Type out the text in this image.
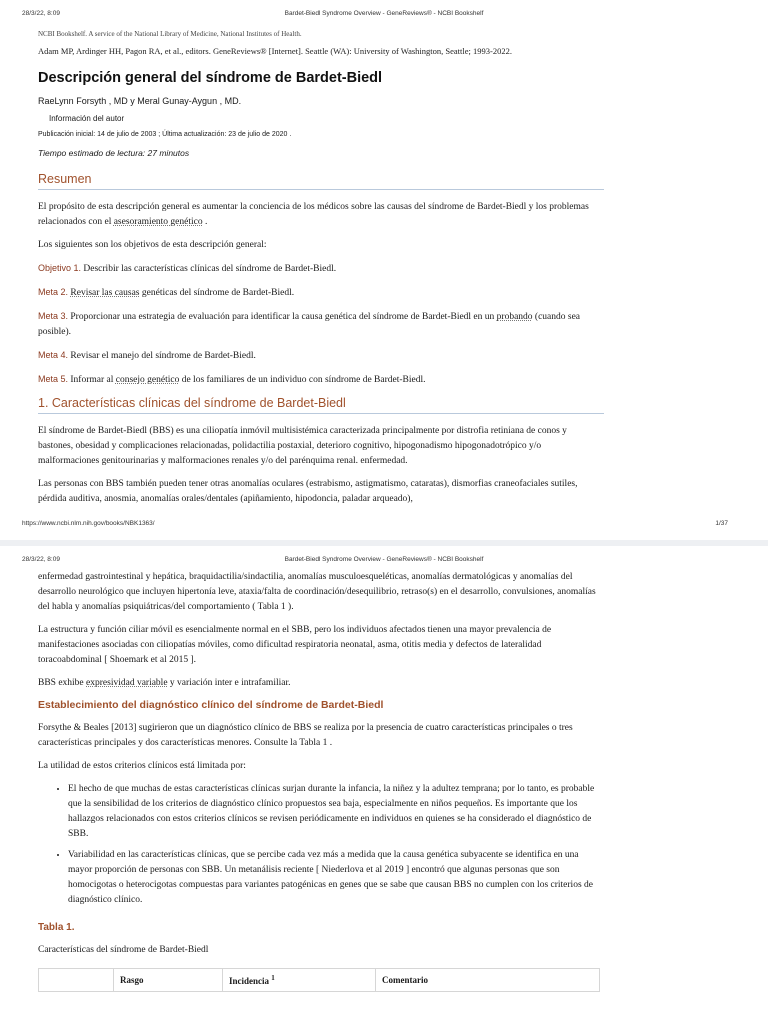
28/3/22, 8:09	Bardet-Biedl Syndrome Overview - GeneReviews® - NCBI Bookshelf

NCBI Bookshelf. A service of the National Library of Medicine, National Institutes of Health.

Adam MP, Ardinger HH, Pagon RA, et al., editors. GeneReviews® [Internet]. Seattle (WA): University of Washington, Seattle; 1993-2022.

Descripción general del síndrome de Bardet-Biedl

RaeLynn Forsyth , MD y Meral Gunay-Aygun , MD.

Información del autor

Publicación inicial: 14 de julio de 2003 ; Última actualización: 23 de julio de 2020 .

Tiempo estimado de lectura: 27 minutos

Resumen

El propósito de esta descripción general es aumentar la conciencia de los médicos sobre las causas del síndrome de Bardet-Biedl y los problemas relacionados con el asesoramiento genético .

Los siguientes son los objetivos de esta descripción general:

Objetivo 1. Describir las características clínicas del síndrome de Bardet-Biedl.

Meta 2. Revisar las causas genéticas del síndrome de Bardet-Biedl.

Meta 3. Proporcionar una estrategia de evaluación para identificar la causa genética del síndrome de Bardet-Biedl en un probando (cuando sea posible).

Meta 4. Revisar el manejo del síndrome de Bardet-Biedl.

Meta 5. Informar al consejo genético de los familiares de un individuo con síndrome de Bardet-Biedl.

1. Características clínicas del síndrome de Bardet-Biedl

El síndrome de Bardet-Biedl (BBS) es una ciliopatía inmóvil multisistémica caracterizada principalmente por distrofia retiniana de conos y bastones, obesidad y complicaciones relacionadas, polidactilia postaxial, deterioro cognitivo, hipogonadismo hipogonadotrópico y/o malformaciones genitourinarias y malformaciones renales y/o del parénquima renal. enfermedad.

Las personas con BBS también pueden tener otras anomalías oculares (estrabismo, astigmatismo, cataratas), dismorfias craneofaciales sutiles, pérdida auditiva, anosmia, anomalías orales/dentales (apiñamiento, hipodoncia, paladar arqueado),

https://www.ncbi.nlm.nih.gov/books/NBK1363/	1/37
28/3/22, 8:09	Bardet-Biedl Syndrome Overview - GeneReviews® - NCBI Bookshelf

enfermedad gastrointestinal y hepática, braquidactilia/sindactilia, anomalías musculoesqueléticas, anomalías dermatológicas y anomalías del desarrollo neurológico que incluyen hipertonía leve, ataxia/falta de coordinación/desequilibrio, retraso(s) en el desarrollo, convulsiones, anomalías del habla y anomalías psiquiátricas/del comportamiento ( Tabla 1 ).

La estructura y función ciliar móvil es esencialmente normal en el SBB, pero los individuos afectados tienen una mayor prevalencia de manifestaciones asociadas con ciliopatías móviles, como dificultad respiratoria neonatal, asma, otitis media y defectos de lateralidad toracoabdominal [ Shoemark et al 2015 ].

BBS exhibe expresividad variable y variación inter e intrafamiliar.

Establecimiento del diagnóstico clínico del síndrome de Bardet-Biedl

Forsythe & Beales [2013] sugirieron que un diagnóstico clínico de BBS se realiza por la presencia de cuatro características principales o tres características principales y dos características menores. Consulte la Tabla 1 .

La utilidad de estos criterios clínicos está limitada por:

• El hecho de que muchas de estas características clínicas surjan durante la infancia, la niñez y la adultez temprana; por lo tanto, es probable que la sensibilidad de los criterios de diagnóstico clínico propuestos sea baja, especialmente en niños pequeños. Es importante que los hallazgos relacionados con estos criterios clínicos se revisen periódicamente en individuos en quienes se ha considerado el diagnóstico de SBB.
• Variabilidad en las características clínicas, que se percibe cada vez más a medida que la causa genética subyacente se identifica en una mayor proporción de personas con SBB. Un metanálisis reciente [ Niederlova et al 2019 ] encontró que algunas personas que son homocigotas o heterocigotas compuestas para variantes patogénicas en genes que se sabe que causan BBS no cumplen con los criterios de diagnóstico clínico.
Tabla 1.

Características del síndrome de Bardet-Biedl

	Rasgo	Incidencia $^1$	Comentario
